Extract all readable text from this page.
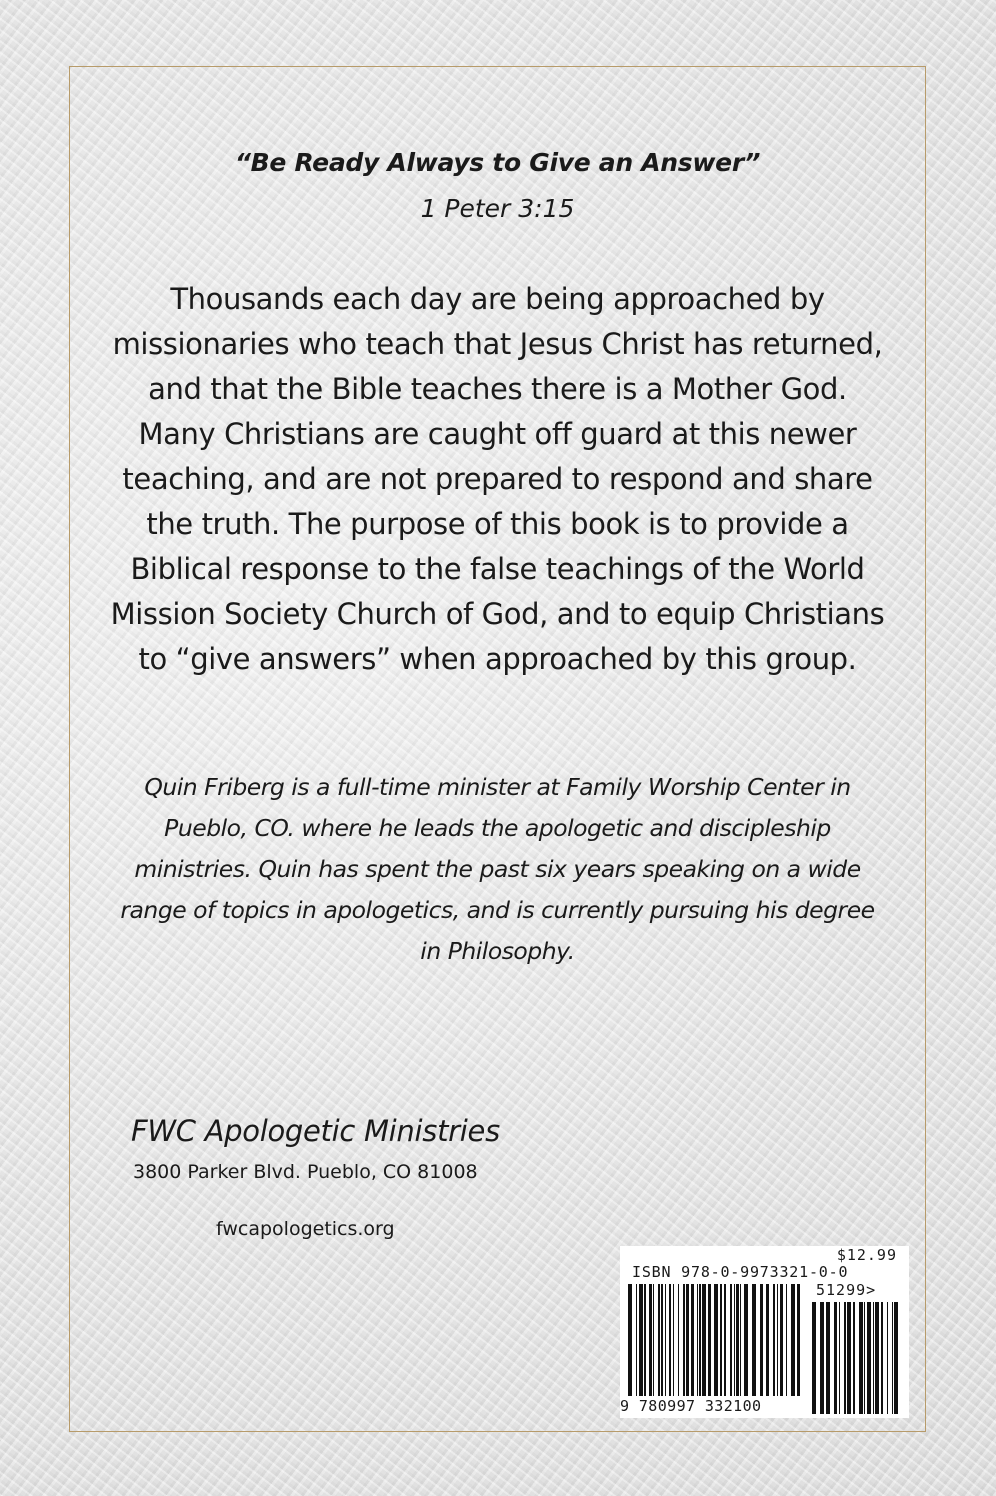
“Be Ready Always to Give an Answer”
1 Peter 3:15

Thousands each day are being approached by missionaries who teach that Jesus Christ has returned, and that the Bible teaches there is a Mother God. Many Christians are caught off guard at this newer teaching, and are not prepared to respond and share the truth. The purpose of this book is to provide a Biblical response to the false teachings of the World Mission Society Church of God, and to equip Christians to “give answers” when approached by this group.

Quin Friberg is a full-time minister at Family Worship Center in Pueblo, CO. where he leads the apologetic and discipleship ministries. Quin has spent the past six years speaking on a wide range of topics in apologetics, and is currently pursuing his degree in Philosophy.

FWC Apologetic Ministries
3800 Parker Blvd. Pueblo, CO 81008
fwcapologetics.org
$12.99
ISBN 978-0-9973321-0-0
51299>
9 780997 332100
